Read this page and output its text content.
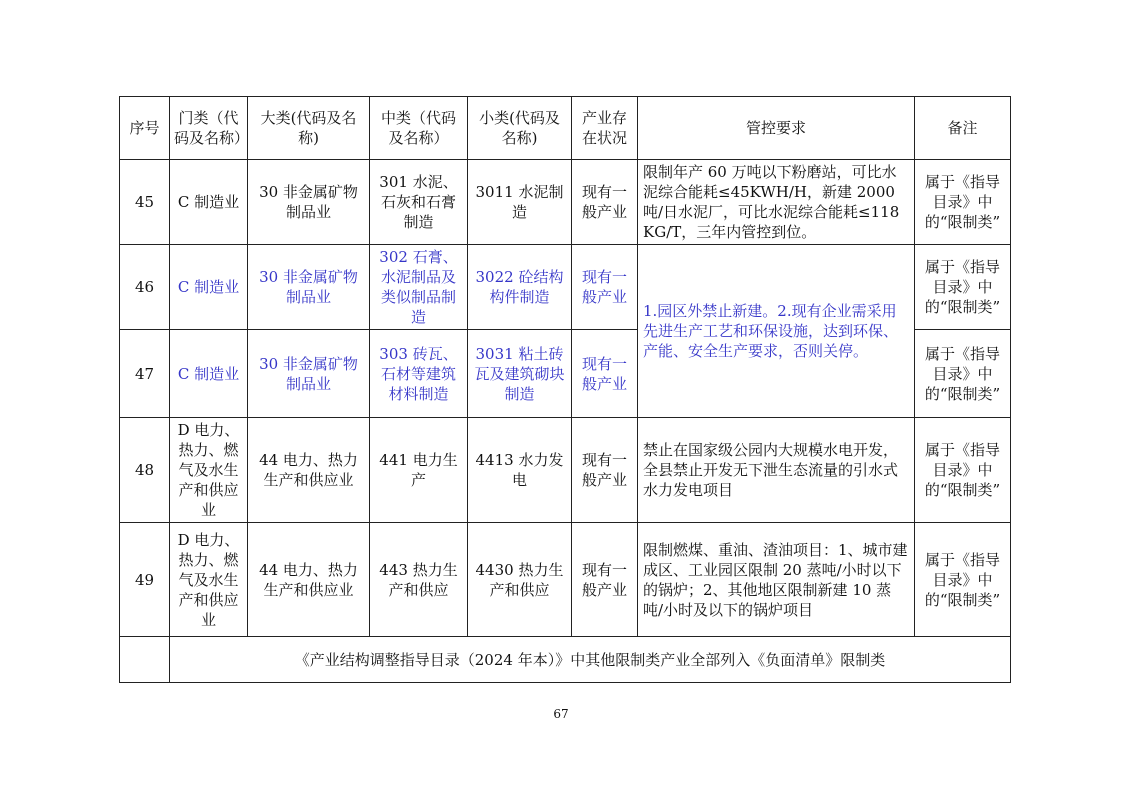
序号	门类（代码及名称）	大类(代码及名称)	中类（代码及名称）	小类(代码及名称)	产业存在状况	管控要求	备注
45	C 制造业	30 非金属矿物制品业	301 水泥、石灰和石膏制造	3011 水泥制造	现有一般产业	限制年产 60 万吨以下粉磨站，可比水泥综合能耗≤45KWH/H，新建 2000 吨/日水泥厂，可比水泥综合能耗≤118KG/T，三年内管控到位。	属于《指导目录》中的“限制类”
46	C 制造业	30 非金属矿物制品业	302 石膏、水泥制品及类似制品制造	3022 砼结构构件制造	现有一般产业	1.园区外禁止新建。2.现有企业需采用先进生产工艺和环保设施，达到环保、产能、安全生产要求，否则关停。	属于《指导目录》中的“限制类”
47	C 制造业	30 非金属矿物制品业	303 砖瓦、石材等建筑材料制造	3031 粘土砖瓦及建筑砌块制造	现有一般产业		属于《指导目录》中的“限制类”
48	D 电力、热力、燃气及水生产和供应业	44 电力、热力生产和供应业	441 电力生产	4413 水力发电	现有一般产业	禁止在国家级公园内大规模水电开发，全县禁止开发无下泄生态流量的引水式水力发电项目	属于《指导目录》中的“限制类”
49	D 电力、热力、燃气及水生产和供应业	44 电力、热力生产和供应业	443 热力生产和供应	4430 热力生产和供应	现有一般产业	限制燃煤、重油、渣油项目：1、城市建成区、工业园区限制 20 蒸吨/小时以下的锅炉；2、其他地区限制新建 10 蒸吨/小时及以下的锅炉项目	属于《指导目录》中的“限制类”
	《产业结构调整指导目录（2024 年本）》中其他限制类产业全部列入《负面清单》限制类						
67
